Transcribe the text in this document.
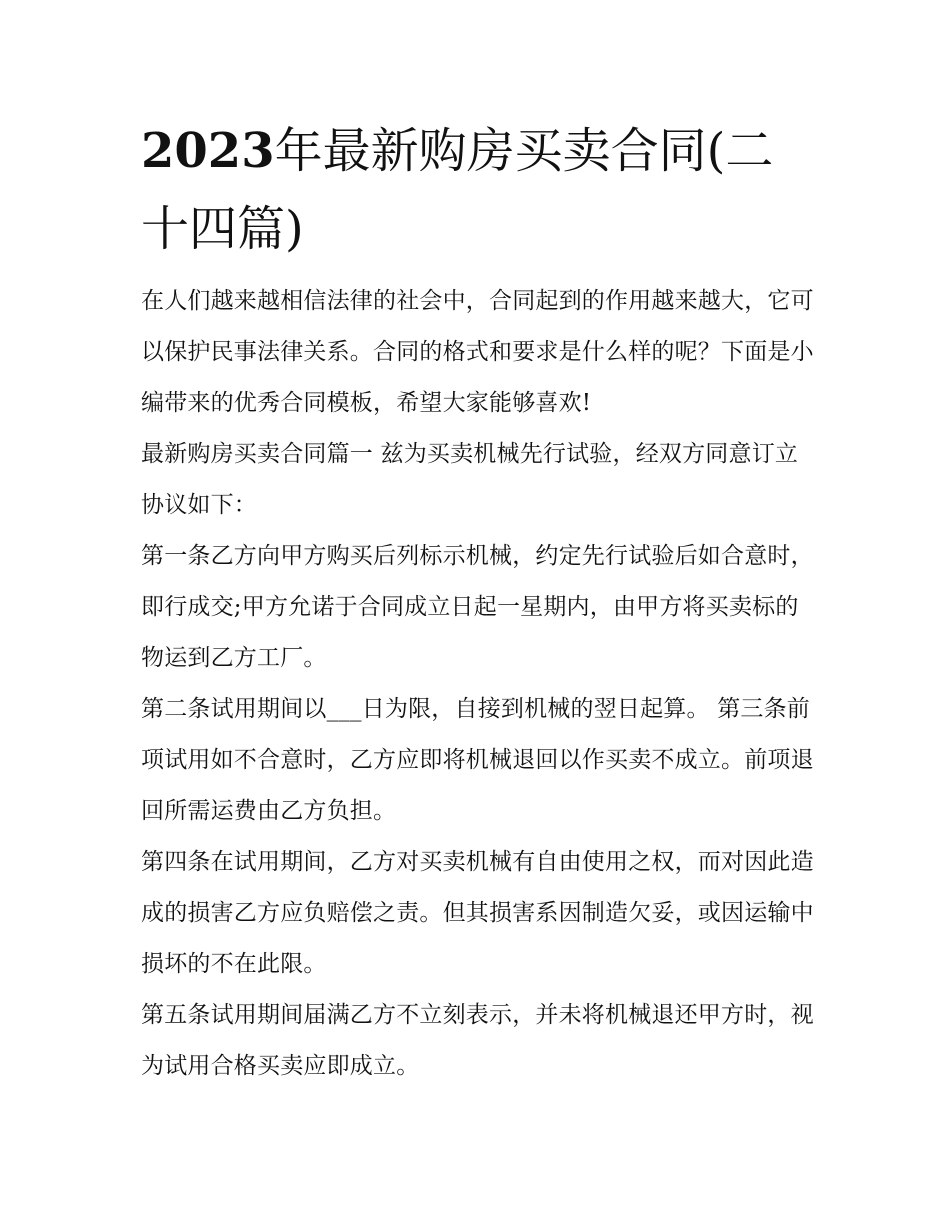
2023年最新购房买卖合同(二十四篇)

在人们越来越相信法律的社会中，合同起到的作用越来越大，它可以保护民事法律关系。合同的格式和要求是什么样的呢？下面是小编带来的优秀合同模板，希望大家能够喜欢!

最新购房买卖合同篇一 兹为买卖机械先行试验，经双方同意订立协议如下：

第一条乙方向甲方购买后列标示机械，约定先行试验后如合意时，即行成交;甲方允诺于合同成立日起一星期内，由甲方将买卖标的物运到乙方工厂。

第二条试用期间以___日为限，自接到机械的翌日起算。 第三条前项试用如不合意时，乙方应即将机械退回以作买卖不成立。前项退回所需运费由乙方负担。

第四条在试用期间，乙方对买卖机械有自由使用之权，而对因此造成的损害乙方应负赔偿之责。但其损害系因制造欠妥，或因运输中损坏的不在此限。

第五条试用期间届满乙方不立刻表示，并未将机械退还甲方时，视为试用合格买卖应即成立。
